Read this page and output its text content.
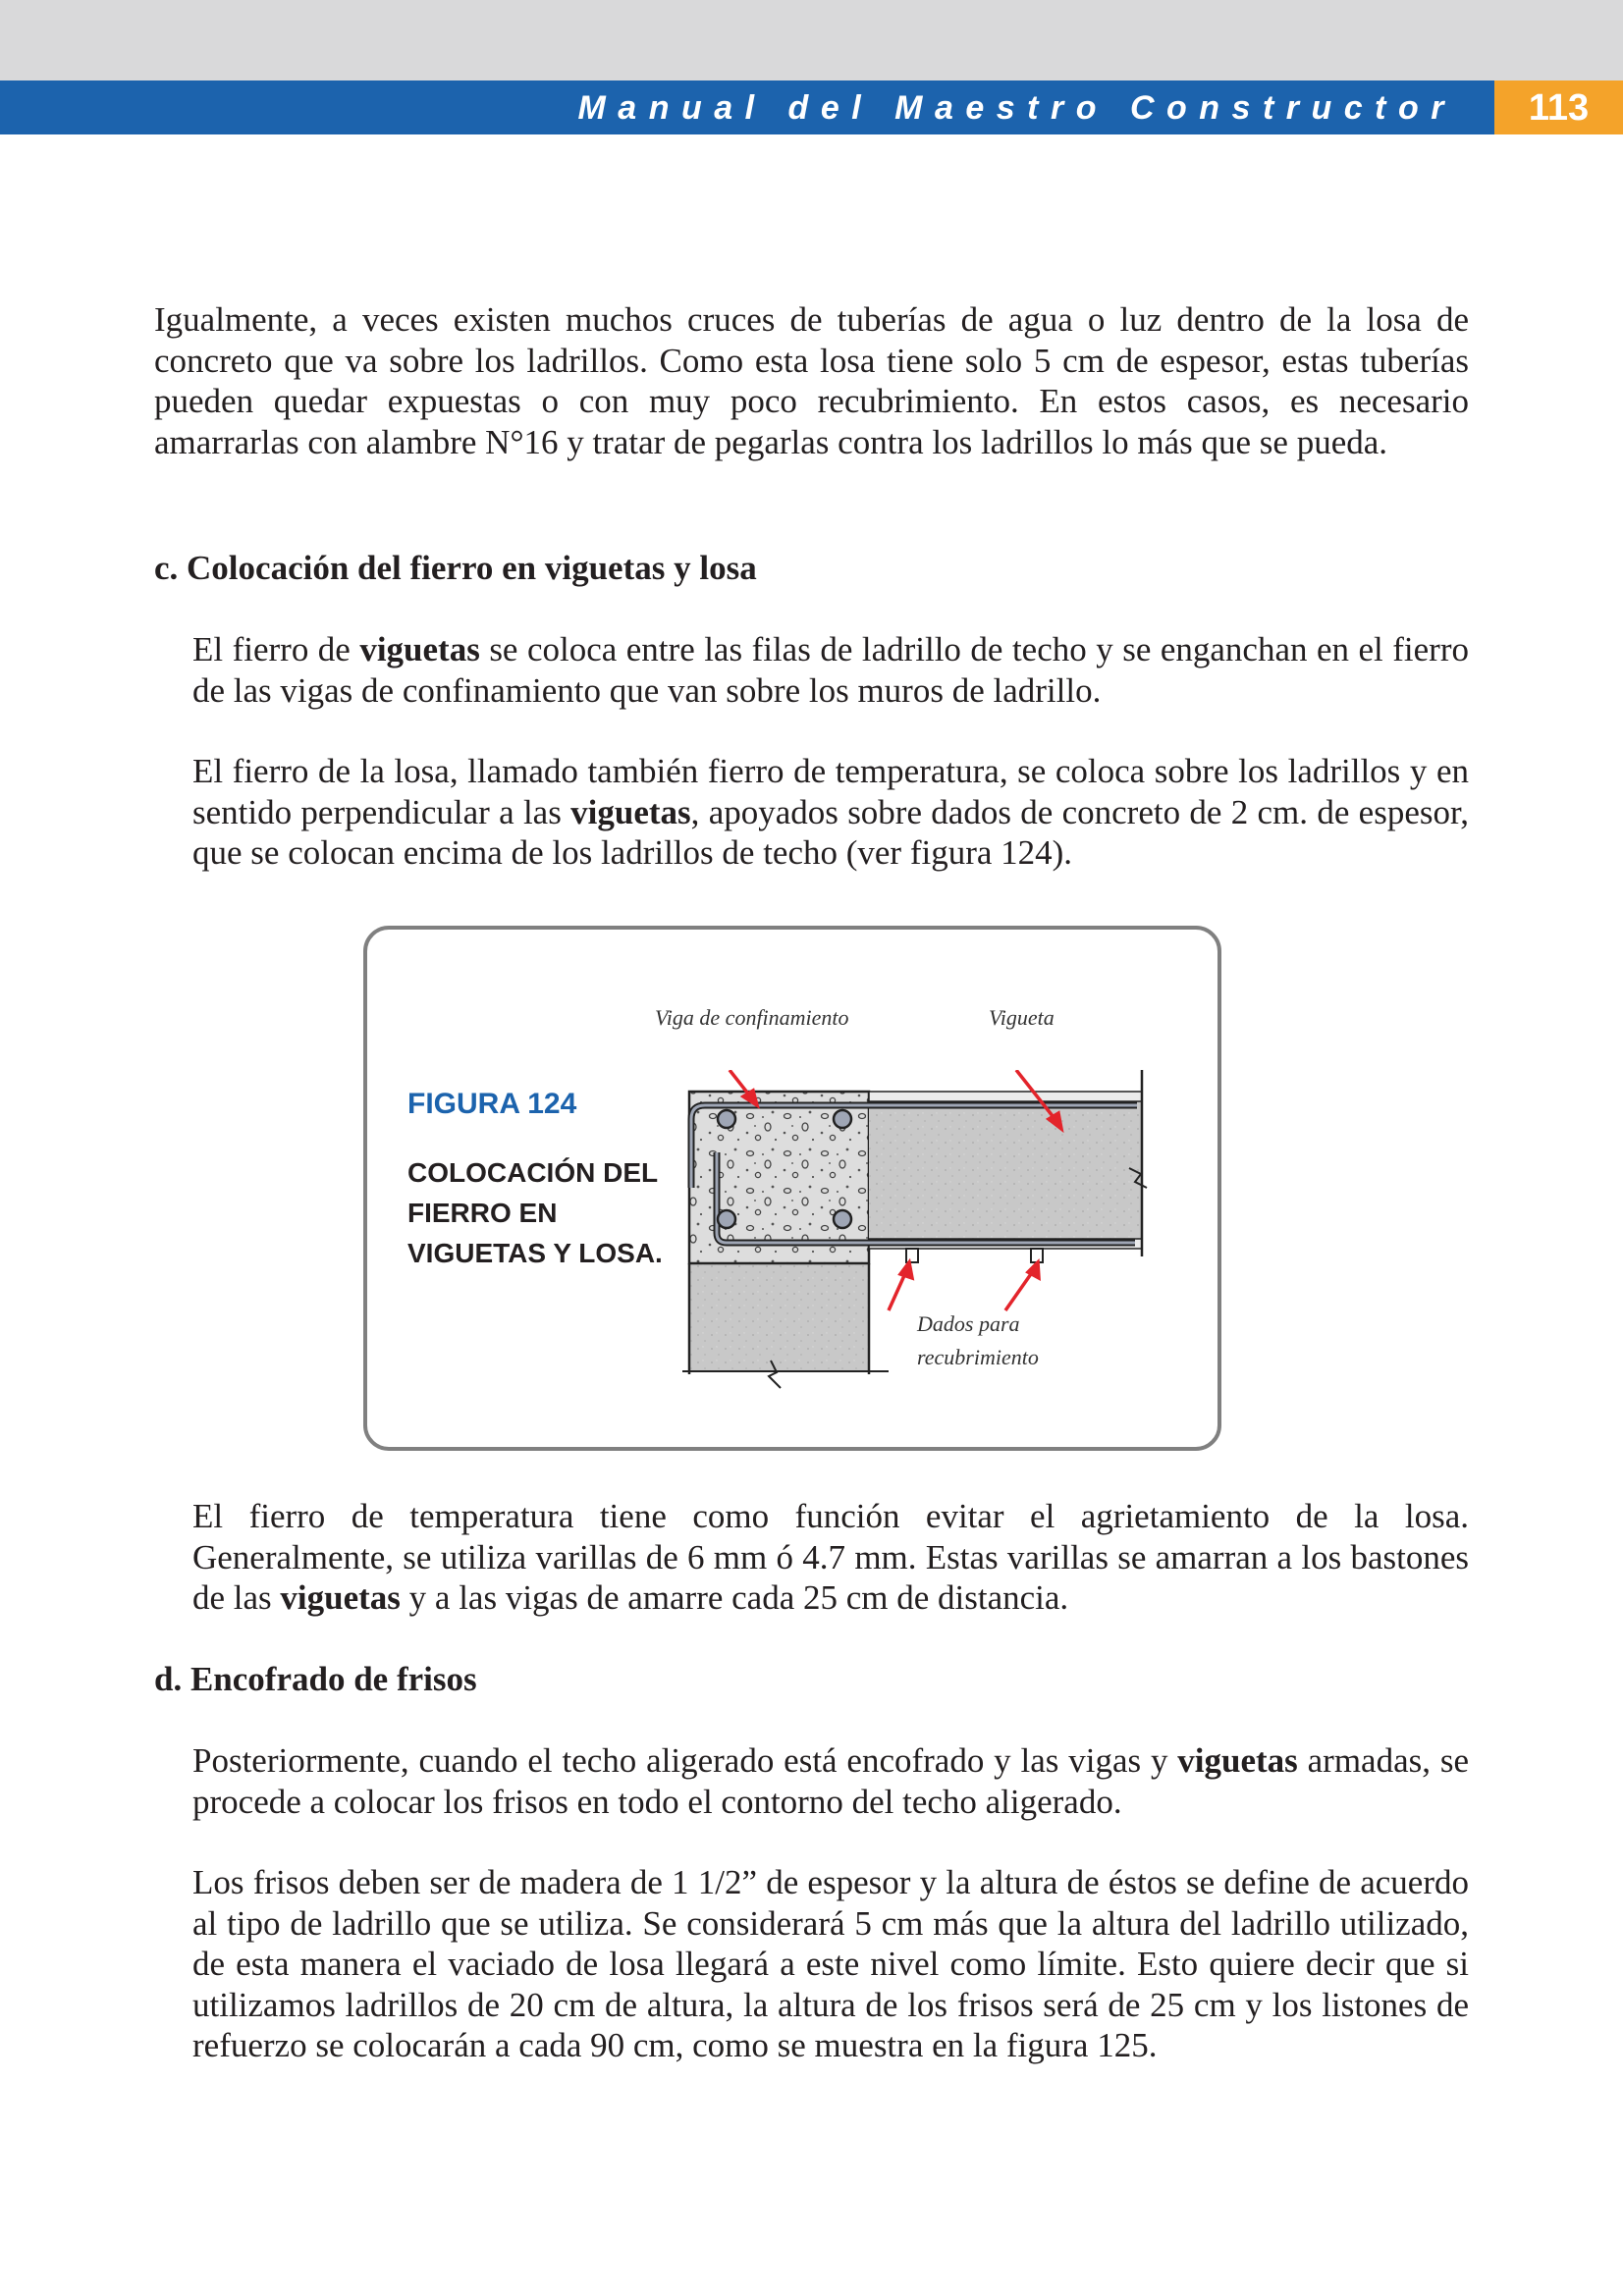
Manual del Maestro Constructor	113
Igualmente, a veces existen muchos cruces de tuberías de agua o luz dentro de la losa de concreto que va sobre los ladrillos. Como esta losa tiene solo 5 cm de espesor, estas tuberías pueden quedar expuestas o con muy poco recubrimiento. En estos casos, es necesario amarrarlas con alambre N°16 y tratar de pegarlas contra los ladrillos lo más que se pueda.
c. Colocación del fierro en viguetas y losa
El fierro de viguetas se coloca entre las filas de ladrillo de techo y se enganchan en el fierro de las vigas de confinamiento que van sobre los muros de ladrillo.
El fierro de la losa, llamado también fierro de temperatura, se coloca sobre los ladrillos y en sentido perpendicular a las viguetas, apoyados sobre dados de concreto de 2 cm. de espesor, que se colocan encima de los ladrillos de techo (ver figura 124).
FIGURA 124
COLOCACIÓN DEL FIERRO EN VIGUETAS Y LOSA.
Viga de confinamiento	Vigueta
Dados para
recubrimiento
El fierro de temperatura tiene como función evitar el agrietamiento de la losa. Generalmente, se utiliza varillas de 6 mm ó 4.7 mm. Estas varillas se amarran a los bastones de las viguetas y a las vigas de amarre cada 25 cm de distancia.
d. Encofrado de frisos
Posteriormente, cuando el techo aligerado está encofrado y las vigas y viguetas armadas, se procede a colocar los frisos en todo el contorno del techo aligerado.
Los frisos deben ser de madera de 1 1/2” de espesor y la altura de éstos se define de acuerdo al tipo de ladrillo que se utiliza. Se considerará 5 cm más que la altura del ladrillo utilizado, de esta manera el vaciado de losa llegará a este nivel como límite. Esto quiere decir que si utilizamos ladrillos de 20 cm de altura, la altura de los frisos será de 25 cm y los listones de refuerzo se colocarán a cada 90 cm, como se muestra en la figura 125.
